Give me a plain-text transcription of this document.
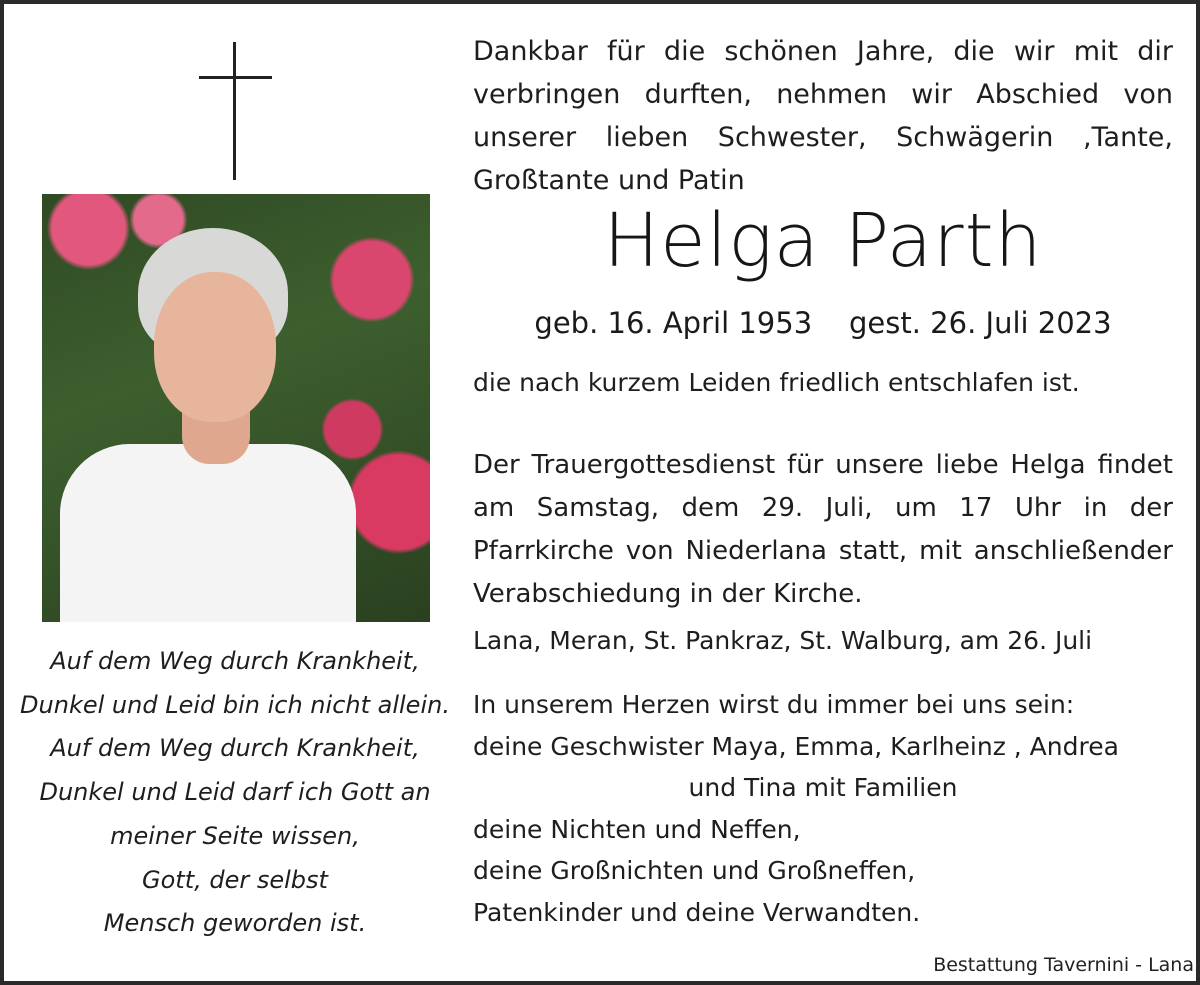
Auf dem Weg durch Krankheit,
Dunkel und Leid bin ich nicht allein.
Auf dem Weg durch Krankheit,
Dunkel und Leid darf ich Gott an
meiner Seite wissen,
Gott, der selbst
Mensch geworden ist.
Dankbar für die schönen Jahre, die wir mit dir verbringen durften, nehmen wir Abschied von unserer lieben Schwester, Schwägerin ,Tante, Großtante und Patin
Helga Parth
geb. 16. April 1953    gest. 26. Juli 2023
die nach kurzem Leiden friedlich entschlafen ist.
Der Trauergottesdienst für unsere liebe Helga findet am Samstag, dem 29. Juli, um 17 Uhr in der Pfarrkirche von Niederlana statt, mit anschließender Verabschiedung in der Kirche.
Lana, Meran, St. Pankraz, St. Walburg, am 26. Juli
In unserem Herzen wirst du immer bei uns sein:
deine Geschwister Maya, Emma, Karlheinz , Andrea
und Tina mit Familien
deine Nichten und Neffen,
deine Großnichten und Großneffen,
Patenkinder und deine Verwandten.
Bestattung Tavernini - Lana
